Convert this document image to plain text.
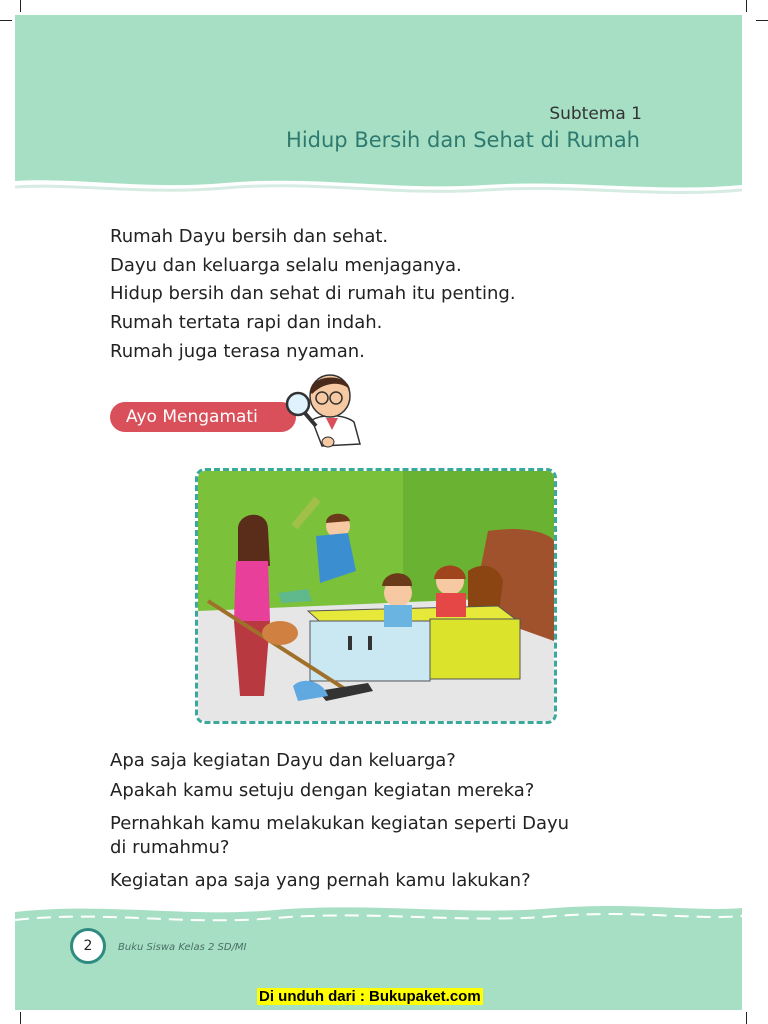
Subtema 1
Hidup Bersih dan Sehat di Rumah

Rumah Dayu bersih dan sehat.

Dayu dan keluarga selalu menjaganya.

Hidup bersih dan sehat di rumah itu penting.

Rumah tertata rapi dan indah.

Rumah juga terasa nyaman.

Ayo Mengamati

Apa saja kegiatan Dayu dan keluarga?

Apakah kamu setuju dengan kegiatan mereka?

Pernahkah kamu melakukan kegiatan seperti Dayu

di rumahmu?

Kegiatan apa saja yang pernah kamu lakukan?

2	Buku Siswa Kelas 2 SD/MI
Di unduh dari : Bukupaket.com
